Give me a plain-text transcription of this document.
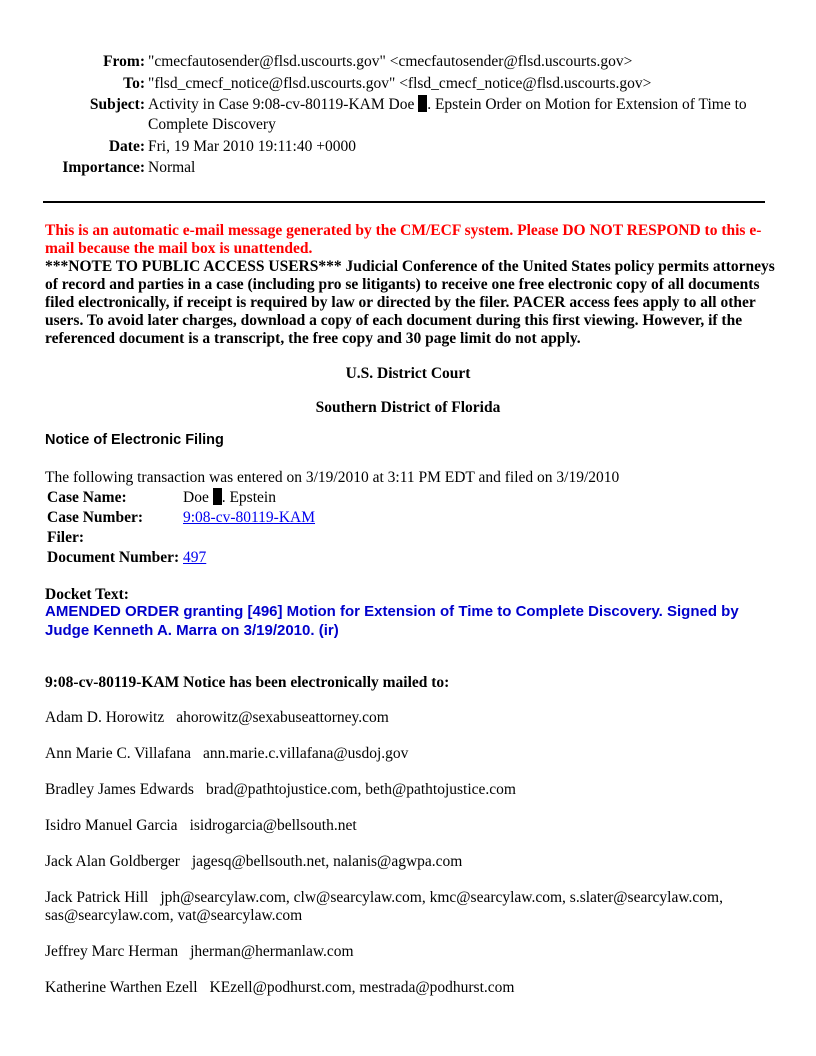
From: "cmecfautosender@flsd.uscourts.gov" <cmecfautosender@flsd.uscourts.gov>
To: "flsd_cmecf_notice@flsd.uscourts.gov" <flsd_cmecf_notice@flsd.uscourts.gov>
Subject: Activity in Case 9:08-cv-80119-KAM Doe . Epstein Order on Motion for Extension of Time to Complete Discovery
Date: Fri, 19 Mar 2010 19:11:40 +0000
Importance: Normal
This is an automatic e-mail message generated by the CM/ECF system. Please DO NOT RESPOND to this e-mail because the mail box is unattended.
***NOTE TO PUBLIC ACCESS USERS*** Judicial Conference of the United States policy permits attorneys of record and parties in a case (including pro se litigants) to receive one free electronic copy of all documents filed electronically, if receipt is required by law or directed by the filer. PACER access fees apply to all other users. To avoid later charges, download a copy of each document during this first viewing. However, if the referenced document is a transcript, the free copy and 30 page limit do not apply.
U.S. District Court
Southern District of Florida
Notice of Electronic Filing
The following transaction was entered on 3/19/2010 at 3:11 PM EDT and filed on 3/19/2010
Case Name:	Doe . Epstein
Case Number:	9:08-cv-80119-KAM
Filer:	
Document Number:	497
Docket Text:
AMENDED ORDER granting [496] Motion for Extension of Time to Complete Discovery. Signed by Judge Kenneth A. Marra on 3/19/2010. (ir)
9:08-cv-80119-KAM Notice has been electronically mailed to:
Adam D. Horowitz ahorowitz@sexabuseattorney.com
Ann Marie C. Villafana ann.marie.c.villafana@usdoj.gov
Bradley James Edwards brad@pathtojustice.com, beth@pathtojustice.com
Isidro Manuel Garcia isidrogarcia@bellsouth.net
Jack Alan Goldberger jagesq@bellsouth.net, nalanis@agwpa.com
Jack Patrick Hill jph@searcylaw.com, clw@searcylaw.com, kmc@searcylaw.com, s.slater@searcylaw.com, sas@searcylaw.com, vat@searcylaw.com
Jeffrey Marc Herman jherman@hermanlaw.com
Katherine Warthen Ezell KEzell@podhurst.com, mestrada@podhurst.com
